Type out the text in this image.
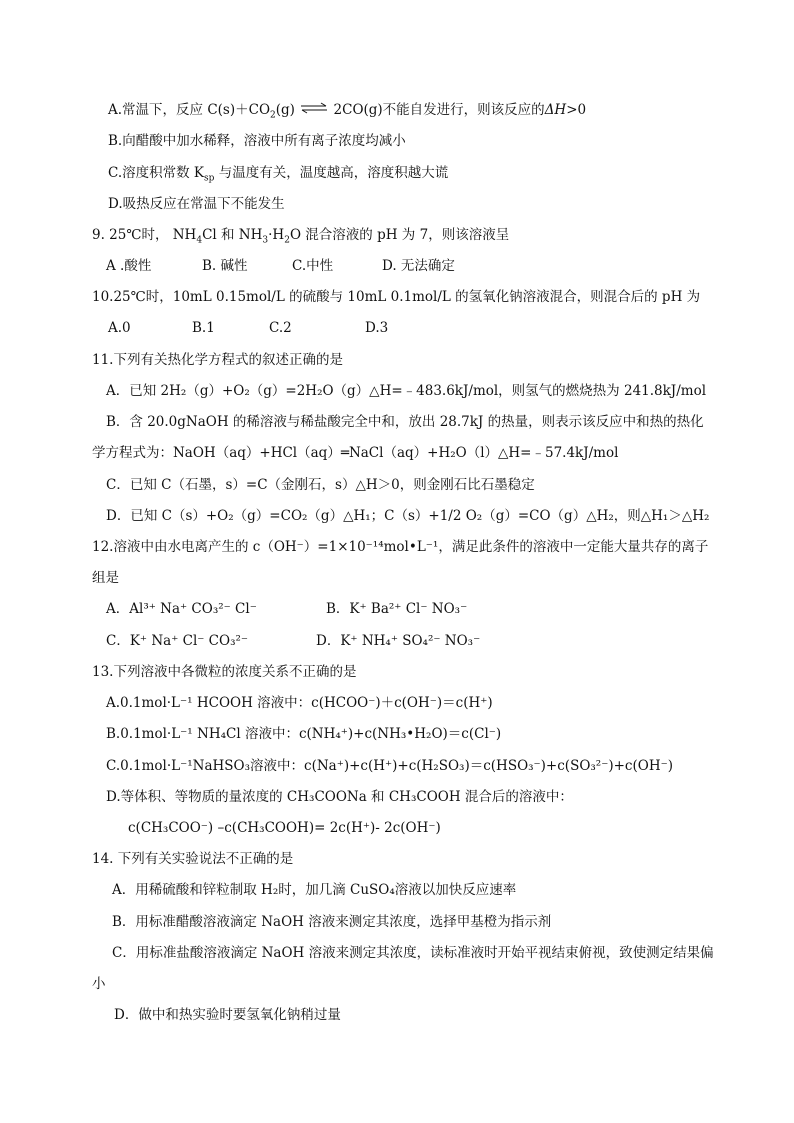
A.常温下，反应 $C(s)+CO_2(g)$ ⇌ 2CO(g)不能自发进行，则该反应的ΔH>0
B.向醋酸中加水稀释，溶液中所有离子浓度均减小
C.溶度积常数 $K_{sp}$ 与温度有关，温度越高，溶度积越大谎
D.吸热反应在常温下不能发生
9. 25℃时， $NH_4Cl$ 和 $NH_3\cdot H_2O$ 混合溶液的 pH 为 7，则该溶液呈
A .酸性	B. 碱性	C.中性	D. 无法确定
10.25℃时，10mL 0.15mol/L 的硫酸与 10mL 0.1mol/L 的氢氧化钠溶液混合，则混合后的 pH 为
A.0	B.1	C.2	D.3
11.下列有关热化学方程式的叙述正确的是
A．已知 2H₂（g）+O₂（g）=2H₂O（g）△H=﹣483.6kJ/mol，则氢气的燃烧热为 241.8kJ/mol
B．含 20.0gNaOH 的稀溶液与稀盐酸完全中和，放出 28.7kJ 的热量，则表示该反应中和热的热化
学方程式为：NaOH（aq）+HCl（aq）═NaCl（aq）+H₂O（l）△H=﹣57.4kJ/mol
C．已知 C（石墨，s）=C（金刚石，s）△H＞0，则金刚石比石墨稳定
D．已知 C（s）+O₂（g）=CO₂（g）△H₁；C（s）+1/2 O₂（g）=CO（g）△H₂，则△H₁＞△H₂
12.溶液中由水电离产生的 c（OH⁻）=1×10⁻¹⁴mol•L⁻¹，满足此条件的溶液中一定能大量共存的离子
组是
A．Al³⁺ Na⁺ CO₃²⁻ Cl⁻	B．K⁺ Ba²⁺ Cl⁻ NO₃⁻
C．K⁺ Na⁺ Cl⁻ CO₃²⁻	D．K⁺ NH₄⁺ SO₄²⁻ NO₃⁻
13.下列溶液中各微粒的浓度关系不正确的是
A.0.1mol·L⁻¹ HCOOH 溶液中：c(HCOO⁻)＋c(OH⁻)＝c(H⁺)
B.0.1mol·L⁻¹ NH₄Cl 溶液中：c(NH₄⁺)+c(NH₃•H₂O)＝c(Cl⁻)
C.0.1mol·L⁻¹NaHSO₃溶液中：c(Na⁺)+c(H⁺)+c(H₂SO₃)＝c(HSO₃⁻)+c(SO₃²⁻)+c(OH⁻)
D.等体积、等物质的量浓度的 CH₃COONa 和 CH₃COOH 混合后的溶液中：
c(CH₃COO⁻) –c(CH₃COOH)= 2c(H⁺)- 2c(OH⁻)
14. 下列有关实验说法不正确的是
A．用稀硫酸和锌粒制取 H₂时，加几滴 CuSO₄溶液以加快反应速率
B．用标准醋酸溶液滴定 NaOH 溶液来测定其浓度，选择甲基橙为指示剂
C．用标准盐酸溶液滴定 NaOH 溶液来测定其浓度，读标准液时开始平视结束俯视，致使测定结果偏
小
D．做中和热实验时要氢氧化钠稍过量
